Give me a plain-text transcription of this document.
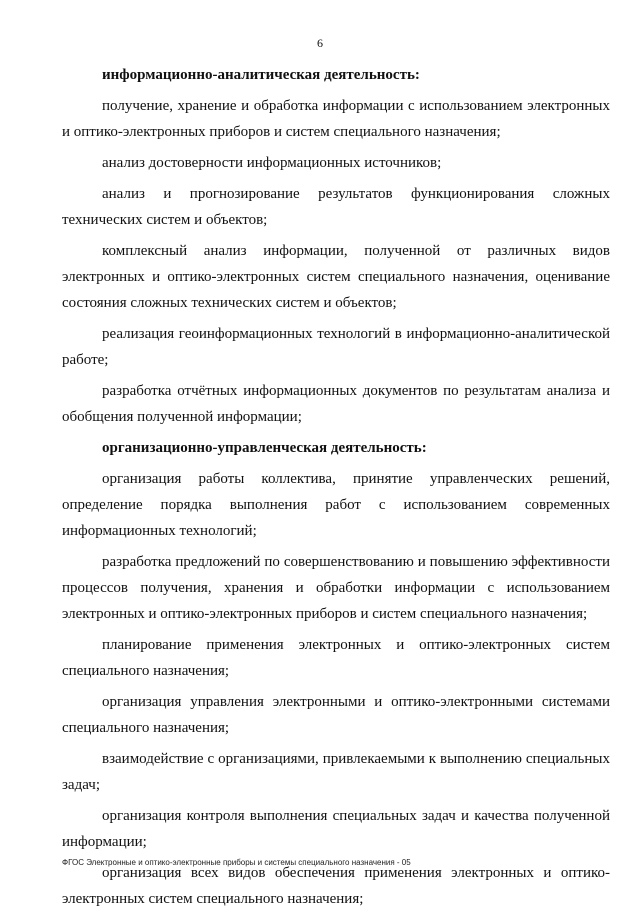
6

информационно-аналитическая деятельность:

получение, хранение и обработка информации с использованием электронных и оптико-электронных приборов и систем специального назначения;

анализ достоверности информационных источников;

анализ и прогнозирование результатов функционирования сложных технических систем и объектов;

комплексный анализ информации, полученной от различных видов электронных и оптико-электронных систем специального назначения, оценивание состояния сложных технических систем и объектов;

реализация геоинформационных технологий в информационно-аналитической работе;

разработка отчётных информационных документов по результатам анализа и обобщения полученной информации;

организационно-управленческая деятельность:

организация работы коллектива, принятие управленческих решений, определение порядка выполнения работ с использованием современных информационных технологий;

разработка предложений по совершенствованию и повышению эффективности процессов получения, хранения и обработки информации с использованием электронных и оптико-электронных приборов и систем специального назначения;

планирование применения электронных и оптико-электронных систем специального назначения;

организация управления электронными и оптико-электронными системами специального назначения;

взаимодействие с организациями, привлекаемыми к выполнению специальных задач;

организация контроля выполнения специальных задач и качества полученной информации;

организация всех видов обеспечения применения электронных и оптико-электронных систем специального назначения;

ФГОС Электронные и оптико-электронные приборы и системы специального назначения - 05
